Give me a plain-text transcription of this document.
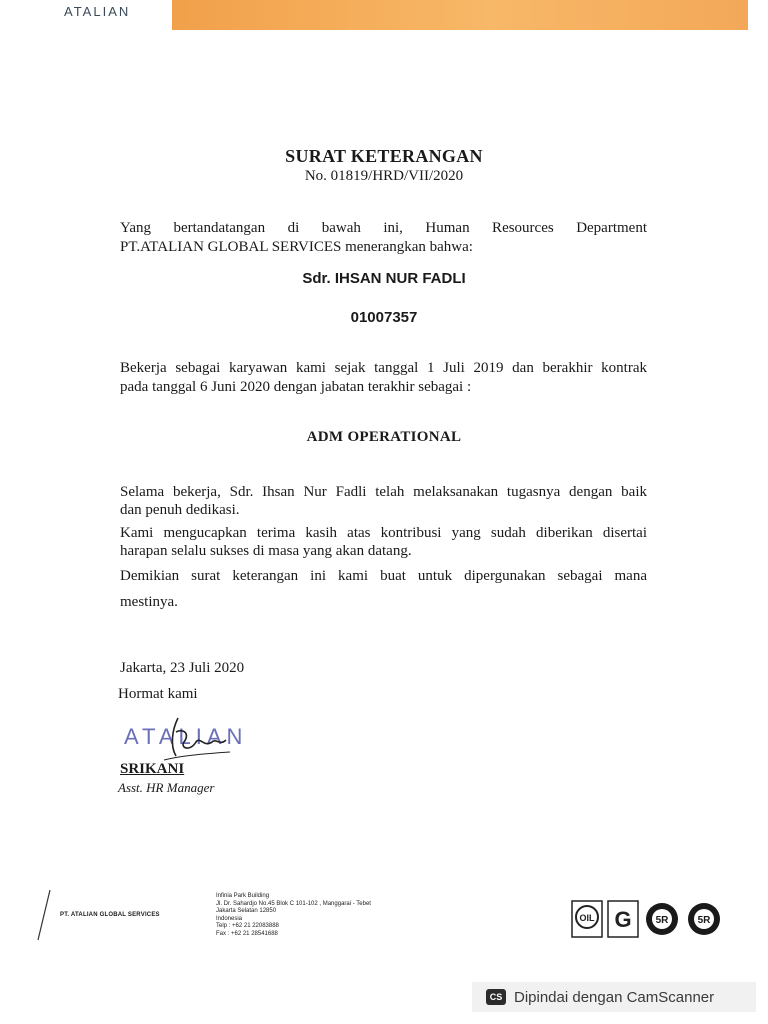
ATALIAN
SURAT KETERANGAN
No. 01819/HRD/VII/2020
Yang bertandatangan di bawah ini, Human Resources Department
PT.ATALIAN GLOBAL SERVICES menerangkan bahwa:
Sdr. IHSAN NUR FADLI
01007357
Bekerja sebagai karyawan kami sejak tanggal 1 Juli 2019 dan berakhir kontrak
pada tanggal 6 Juni 2020 dengan jabatan terakhir sebagai :
ADM OPERATIONAL
Selama bekerja, Sdr. Ihsan Nur Fadli telah melaksanakan tugasnya dengan baik
dan penuh dedikasi.
Kami mengucapkan terima kasih atas kontribusi yang sudah diberikan disertai
harapan selalu sukses di masa yang akan datang.
Demikian surat keterangan ini kami buat untuk dipergunakan sebagai mana
mestinya.
Jakarta, 23 Juli 2020
Hormat kami
ATALIAN
SRIKANI
Asst. HR Manager
PT. ATALIAN GLOBAL SERVICES
Infinia Park Building
Jl. Dr. Sahardjo No.45 Blok C 101-102 , Manggarai - Tebet
Jakarta Selatan 12850
Indonesia
Telp : +62 21 22083888
Fax : +62 21 28541688
OIL G 5R	5R
CS Dipindai dengan CamScanner
